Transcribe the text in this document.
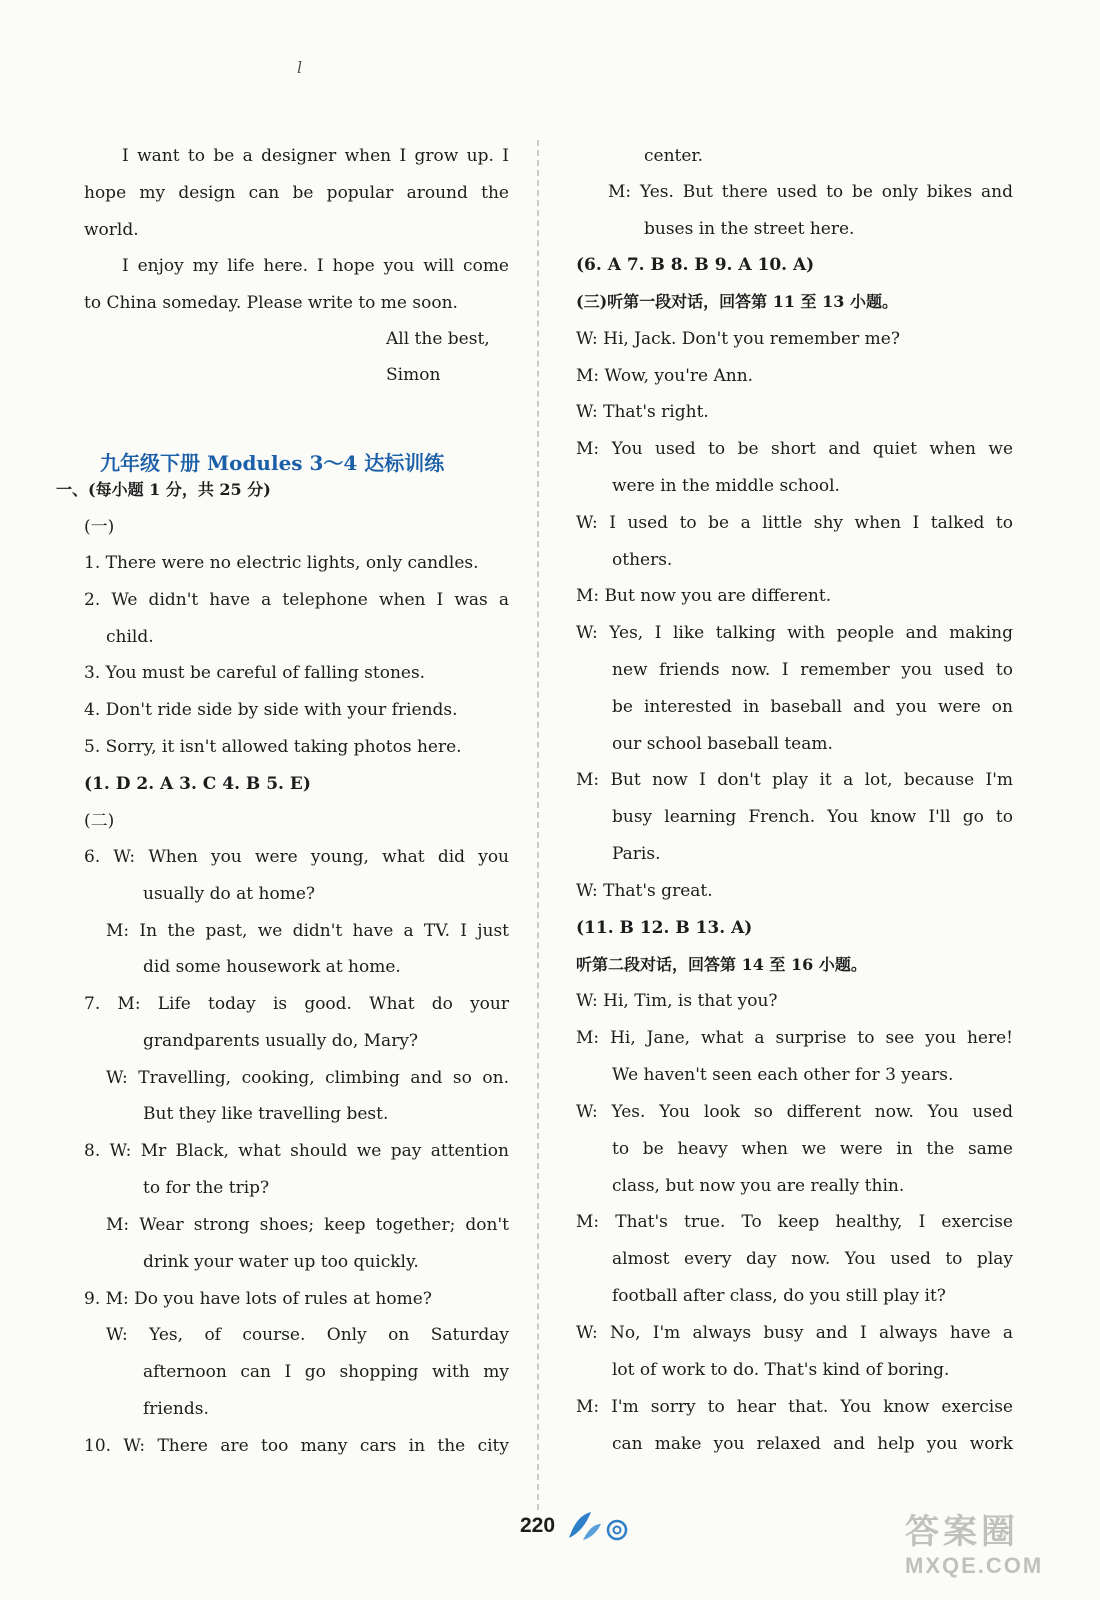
l
I want to be a designer when I grow up. I
hope my design can be popular around the
world.
I enjoy my life here. I hope you will come
to China someday. Please write to me soon.
All the best,
Simon
一、(每小题 1 分，共 25 分)
(一)
1. There were no electric lights, only candles.
2. We didn't have a telephone when I was a
child.
3. You must be careful of falling stones.
4. Don't ride side by side with your friends.
5. Sorry, it isn't allowed taking photos here.
(1. D 2. A 3. C 4. B 5. E)
(二)
6. W: When you were young, what did you
usually do at home?
M: In the past, we didn't have a TV. I just
did some housework at home.
7. M: Life today is good. What do your
grandparents usually do, Mary?
W: Travelling, cooking, climbing and so on.
But they like travelling best.
8. W: Mr Black, what should we pay attention
to for the trip?
M: Wear strong shoes; keep together; don't
drink your water up too quickly.
9. M: Do you have lots of rules at home?
W: Yes, of course. Only on Saturday
afternoon can I go shopping with my
friends.
10. W: There are too many cars in the city
九年级下册 Modules 3～4 达标训练
center.
M: Yes. But there used to be only bikes and
buses in the street here.
(6. A 7. B 8. B 9. A 10. A)
(三)听第一段对话，回答第 11 至 13 小题。
W: Hi, Jack. Don't you remember me?
M: Wow, you're Ann.
W: That's right.
M: You used to be short and quiet when we
were in the middle school.
W: I used to be a little shy when I talked to
others.
M: But now you are different.
W: Yes, I like talking with people and making
new friends now. I remember you used to
be interested in baseball and you were on
our school baseball team.
M: But now I don't play it a lot, because I'm
busy learning French. You know I'll go to
Paris.
W: That's great.
(11. B 12. B 13. A)
听第二段对话，回答第 14 至 16 小题。
W: Hi, Tim, is that you?
M: Hi, Jane, what a surprise to see you here!
We haven't seen each other for 3 years.
W: Yes. You look so different now. You used
to be heavy when we were in the same
class, but now you are really thin.
M: That's true. To keep healthy, I exercise
almost every day now. You used to play
football after class, do you still play it?
W: No, I'm always busy and I always have a
lot of work to do. That's kind of boring.
M: I'm sorry to hear that. You know exercise
can make you relaxed and help you work
220	答案圈
MXQE.COM
